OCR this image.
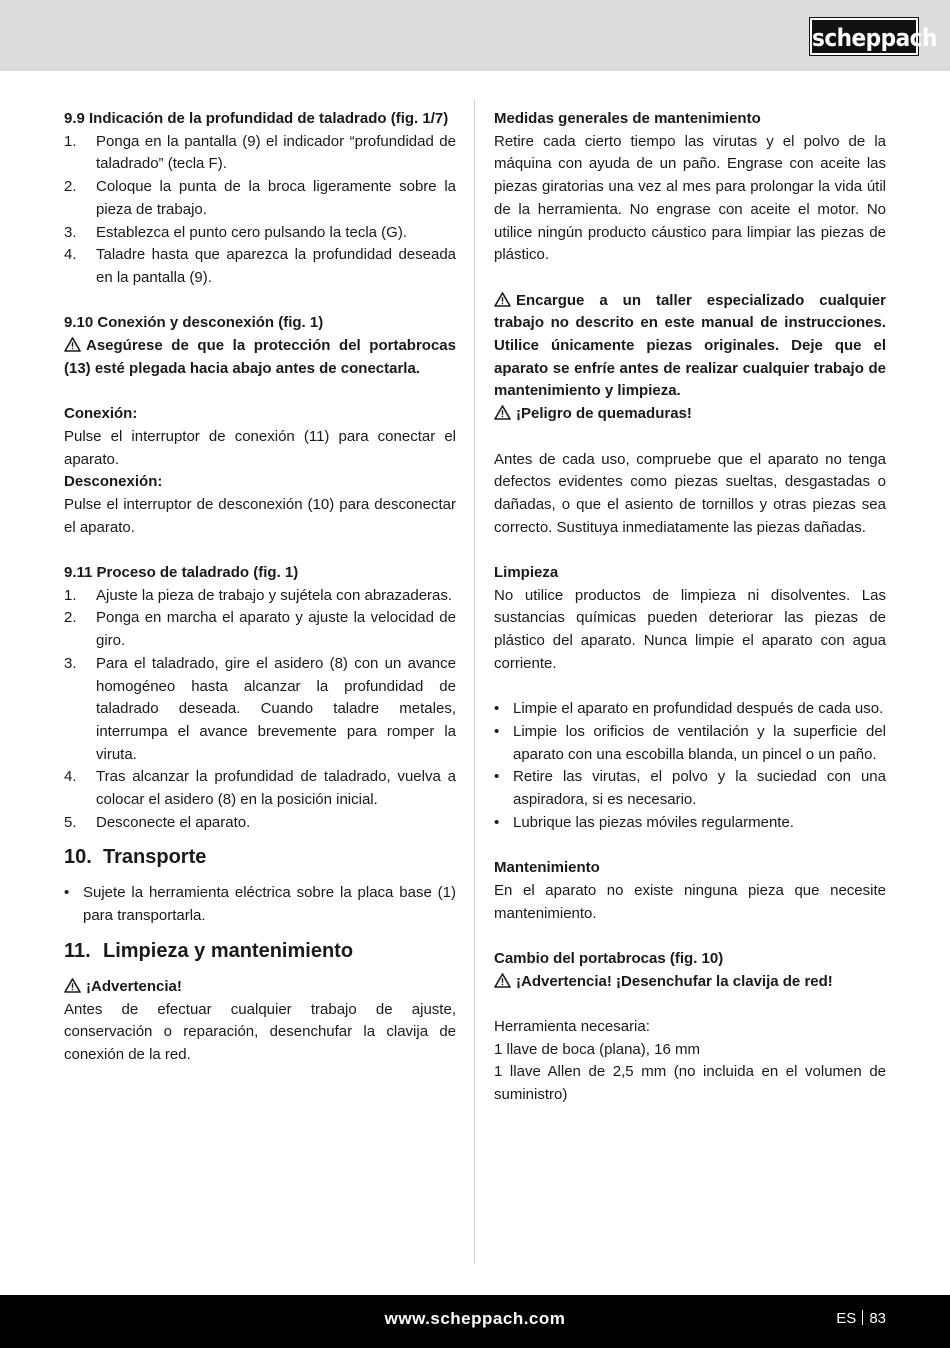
scheppach

9.9 Indicación de la profundidad de taladrado (fig. 1/7)

1. Ponga en la pantalla (9) el indicador “profundidad de taladrado” (tecla F).
2. Coloque la punta de la broca ligeramente sobre la pieza de trabajo.
3. Establezca el punto cero pulsando la tecla (G).
4. Taladre hasta que aparezca la profundidad deseada en la pantalla (9).

9.10 Conexión y desconexión (fig. 1)

Asegúrese de que la protección del portabrocas (13) esté plegada hacia abajo antes de conectarla.

Conexión:

Pulse el interruptor de conexión (11) para conectar el aparato.

Desconexión:

Pulse el interruptor de desconexión (10) para desconectar el aparato.

9.11 Proceso de taladrado (fig. 1)

1. Ajuste la pieza de trabajo y sujétela con abrazaderas.
2. Ponga en marcha el aparato y ajuste la velocidad de giro.
3. Para el taladrado, gire el asidero (8) con un avance homogéneo hasta alcanzar la profundidad de taladrado deseada. Cuando taladre metales, interrumpa el avance brevemente para romper la viruta.
4. Tras alcanzar la profundidad de taladrado, vuelva a colocar el asidero (8) en la posición inicial.
5. Desconecte el aparato.
10. Transporte
• Sujete la herramienta eléctrica sobre la placa base (1) para transportarla.
11. Limpieza y mantenimiento

¡Advertencia!

Antes de efectuar cualquier trabajo de ajuste, conservación o reparación, desenchufar la clavija de conexión de la red.

Medidas generales de mantenimiento

Retire cada cierto tiempo las virutas y el polvo de la máquina con ayuda de un paño. Engrase con aceite las piezas giratorias una vez al mes para prolongar la vida útil de la herramienta. No engrase con aceite el motor. No utilice ningún producto cáustico para limpiar las piezas de plástico.

Encargue a un taller especializado cualquier trabajo no descrito en este manual de instrucciones. Utilice únicamente piezas originales. Deje que el aparato se enfríe antes de realizar cualquier trabajo de mantenimiento y limpieza.

¡Peligro de quemaduras!

Antes de cada uso, compruebe que el aparato no tenga defectos evidentes como piezas sueltas, desgastadas o dañadas, o que el asiento de tornillos y otras piezas sea correcto. Sustituya inmediatamente las piezas dañadas.

Limpieza

No utilice productos de limpieza ni disolventes. Las sustancias químicas pueden deteriorar las piezas de plástico del aparato. Nunca limpie el aparato con agua corriente.

• Limpie el aparato en profundidad después de cada uso.
• Limpie los orificios de ventilación y la superficie del aparato con una escobilla blanda, un pincel o un paño.
• Retire las virutas, el polvo y la suciedad con una aspiradora, si es necesario.
• Lubrique las piezas móviles regularmente.

Mantenimiento

En el aparato no existe ninguna pieza que necesite mantenimiento.

Cambio del portabrocas (fig. 10)

¡Advertencia! ¡Desenchufar la clavija de red!

Herramienta necesaria:

1 llave de boca (plana), 16 mm

1 llave Allen de 2,5 mm (no incluida en el volumen de suministro)

www.scheppach.com	ES 83
